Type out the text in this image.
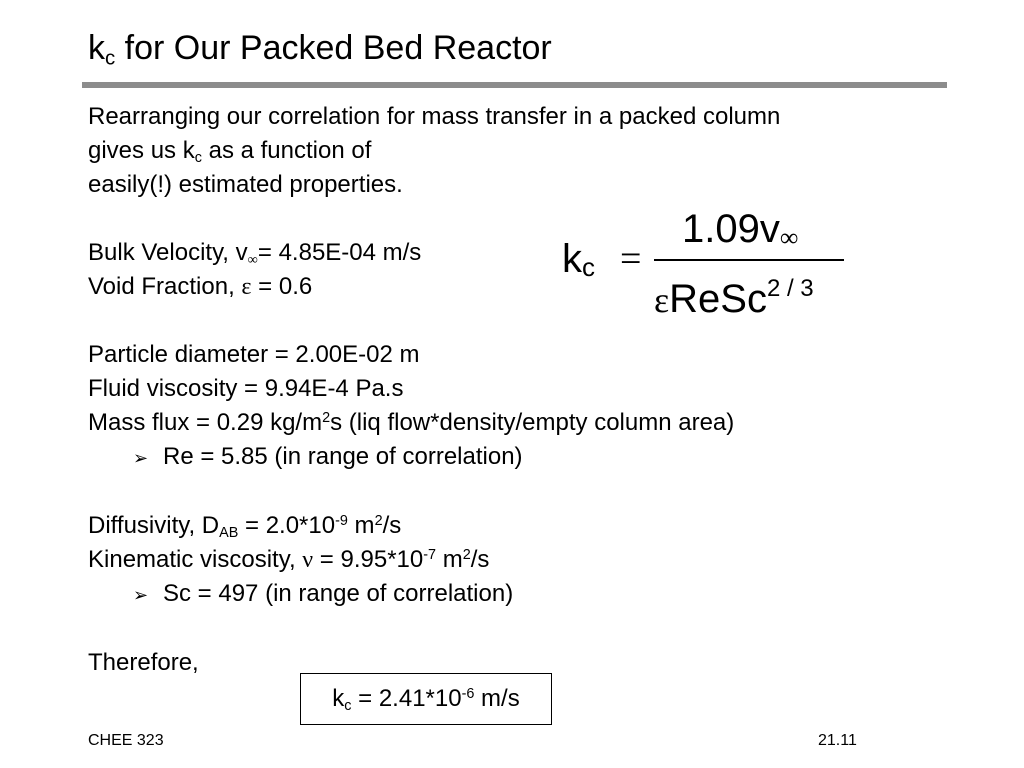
$k_c$ for Our Packed Bed Reactor
Rearranging our correlation for mass transfer in a packed column
gives us $k_c$ as a function of
easily(!) estimated properties.
Bulk Velocity, $v_\infty= 4.85E-04$ m/s
Void Fraction, ε = 0.6
Particle diameter = 2.00E-02 m
Fluid viscosity = 9.94E-4 Pa.s
Mass flux = 0.29 $kg/m^2s$ (liq flow*density/empty column area)
➢ Re = 5.85 (in range of correlation)
Diffusivity, $D_{AB} = 2.0*10^{-9}$ $m^2/s$
Kinematic viscosity, $\nu = 9.95*10^{-7}$ $m^2/s$
➢ Sc = 497 (in range of correlation)
Therefore,
kc =
1.09v∞
εReSc$^{2 / 3}$
$k_c = 2.41*10^{-6}$ m/s
CHEE 323	21.11
